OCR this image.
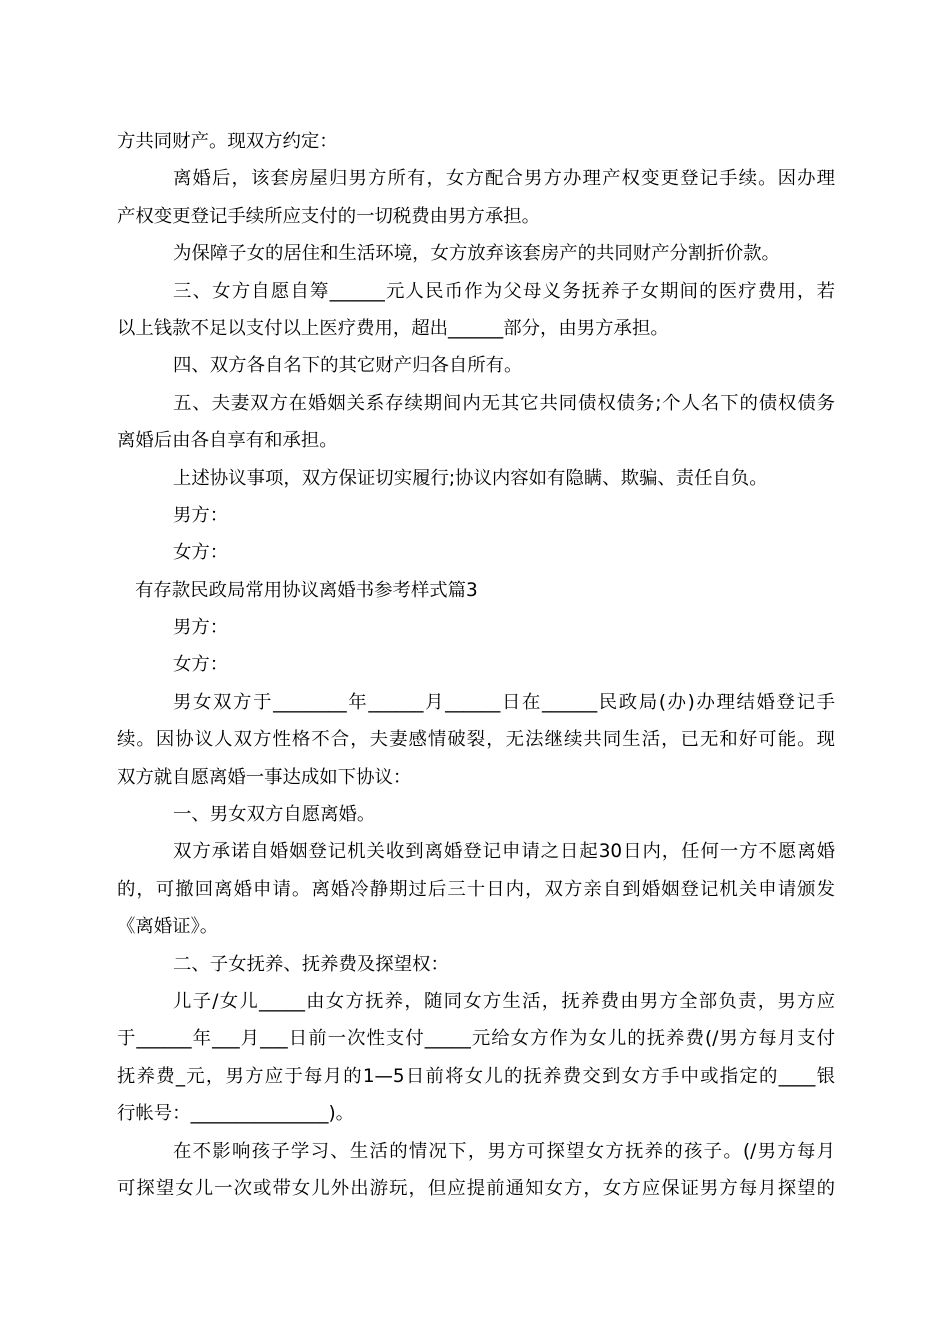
方共同财产。现双方约定：
离婚后，该套房屋归男方所有，女方配合男方办理产权变更登记手续。因办理
产权变更登记手续所应支付的一切税费由男方承担。
为保障子女的居住和生活环境，女方放弃该套房产的共同财产分割折价款。
三、女方自愿自筹______元人民币作为父母义务抚养子女期间的医疗费用，若
以上钱款不足以支付以上医疗费用，超出______部分，由男方承担。
四、双方各自名下的其它财产归各自所有。
五、夫妻双方在婚姻关系存续期间内无其它共同债权债务;个人名下的债权债务
离婚后由各自享有和承担。
上述协议事项，双方保证切实履行;协议内容如有隐瞒、欺骗、责任自负。
男方：
女方：
有存款民政局常用协议离婚书参考样式篇3
男方：
女方：
男女双方于________年______月______日在______民政局(办)办理结婚登记手
续。因协议人双方性格不合，夫妻感情破裂，无法继续共同生活，已无和好可能。现
双方就自愿离婚一事达成如下协议：
一、男女双方自愿离婚。
双方承诺自婚姻登记机关收到离婚登记申请之日起30日内，任何一方不愿离婚
的，可撤回离婚申请。离婚冷静期过后三十日内，双方亲自到婚姻登记机关申请颁发
《离婚证》。
二、子女抚养、抚养费及探望权：
儿子/女儿_____由女方抚养，随同女方生活，抚养费由男方全部负责，男方应
于______年___月___日前一次性支付_____元给女方作为女儿的抚养费(/男方每月支付
抚养费_元，男方应于每月的1—5日前将女儿的抚养费交到女方手中或指定的____银
行帐号：_______________)。
在不影响孩子学习、生活的情况下，男方可探望女方抚养的孩子。(/男方每月
可探望女儿一次或带女儿外出游玩，但应提前通知女方，女方应保证男方每月探望的
